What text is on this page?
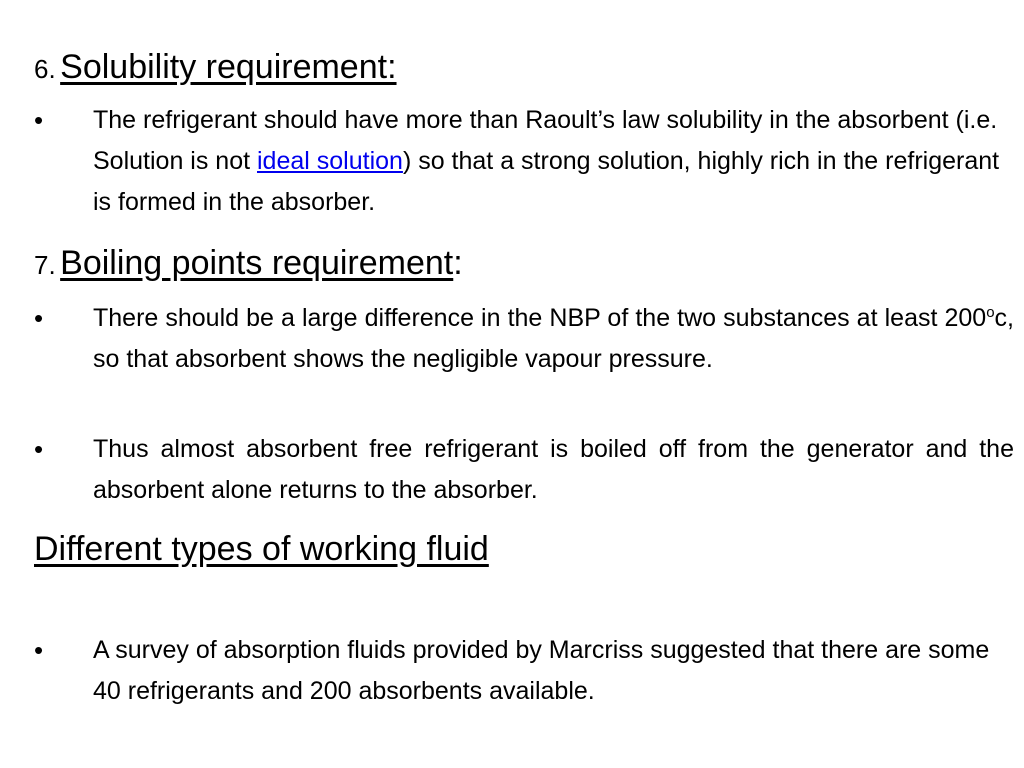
6. Solubility requirement:
• The refrigerant should have more than Raoult’s law solubility in the absorbent (i.e. Solution is not ideal solution) so that a strong solution, highly rich in the refrigerant is formed in the absorber.
7. Boiling points requirement:
• There should be a large difference in the NBP of the two substances at least 200$^o$c, so that absorbent shows the negligible vapour pressure.
• Thus almost absorbent free refrigerant is boiled off from the generator and the absorbent alone returns to the absorber.
Different types of working fluid
• A survey of absorption fluids provided by Marcriss suggested that there are some 40 refrigerants and 200 absorbents available.
